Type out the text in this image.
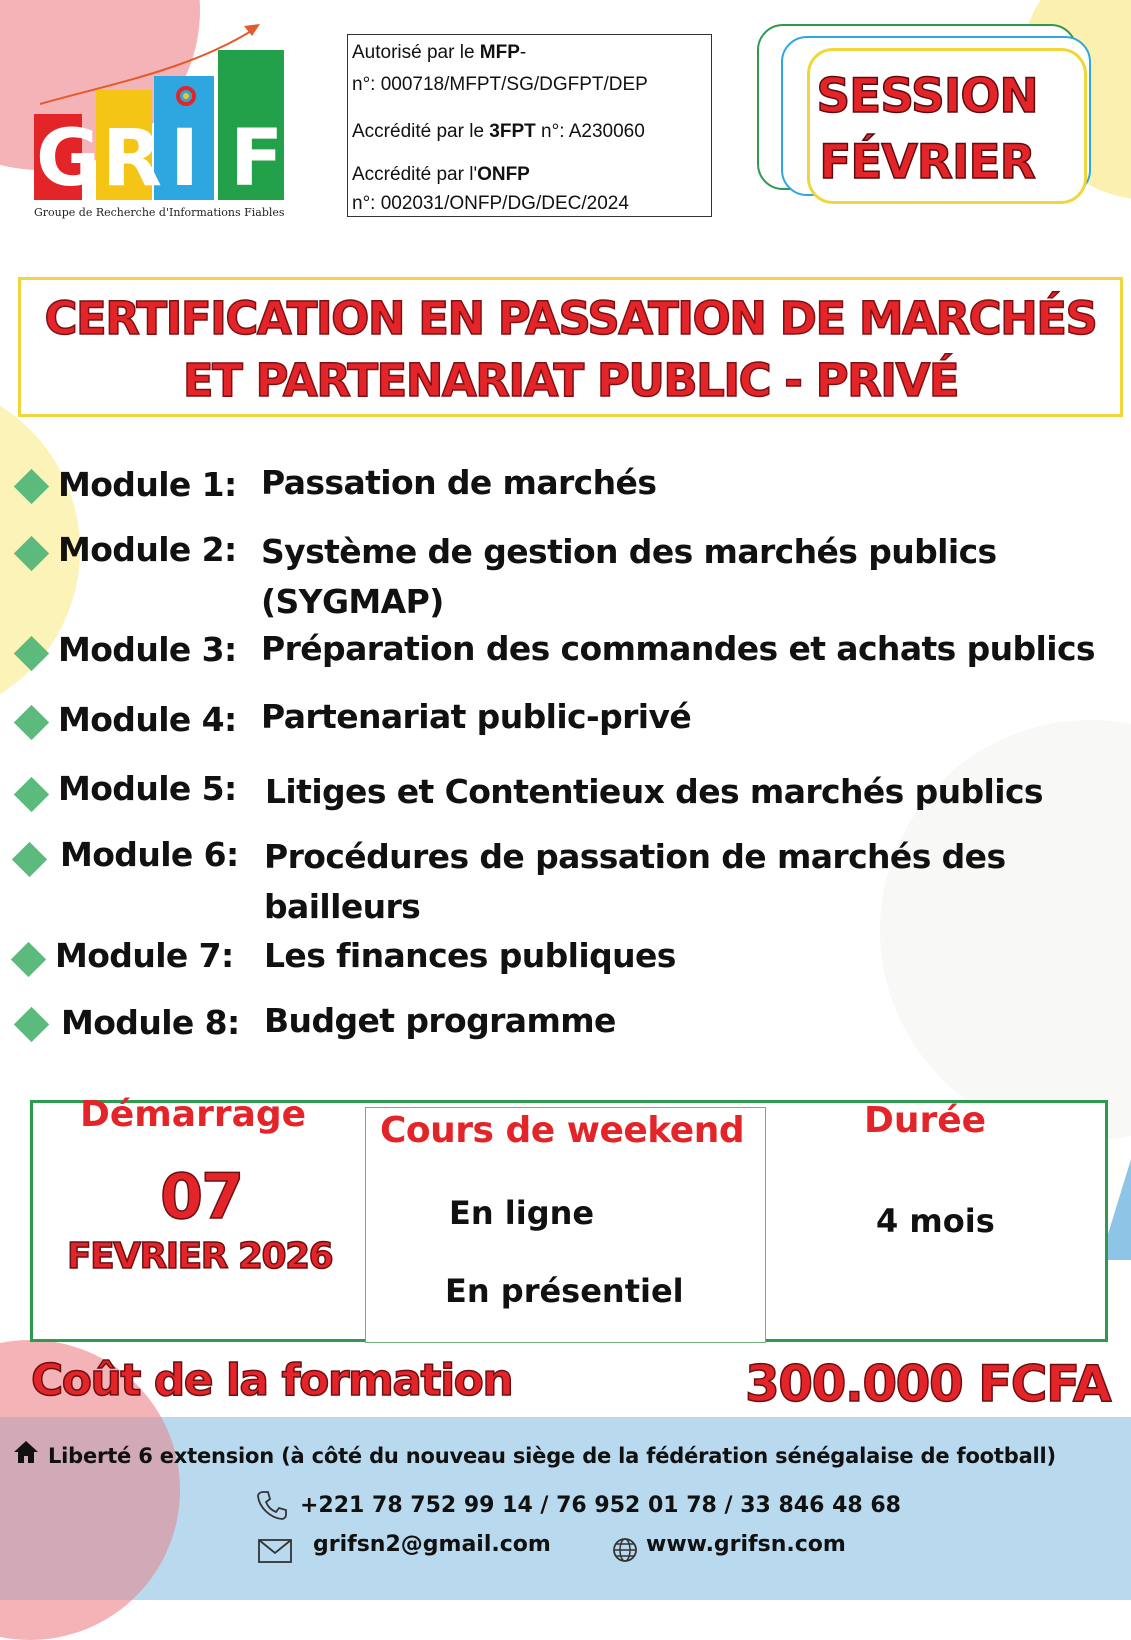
G R I F
Groupe de Recherche d'Informations Fiables

Autorisé par le MFP-

n°: 000718/MFPT/SG/DGFPT/DEP

Accrédité par le 3FPT n°: A230060

Accrédité par l'ONFP

n°: 002031/ONFP/DG/DEC/2024

SESSION
FÉVRIER
CERTIFICATION EN PASSATION DE MARCHÉS
ET PARTENARIAT PUBLIC - PRIVÉ
Module 1: Passation de marchés
Module 2: Système de gestion des marchés publics
(SYGMAP)
Module 3: Préparation des commandes et achats publics
Module 4: Partenariat public-privé
Module 5: Litiges et Contentieux des marchés publics
Module 6: Procédures de passation de marchés des
bailleurs
Module 7: Les finances publiques
Module 8: Budget programme
Démarrage
07
FEVRIER 2026
Cours de weekend
En ligne
En présentiel
Durée
4 mois
Coût de la formation	300.000 FCFA
Liberté 6 extension (à côté du nouveau siège de la fédération sénégalaise de football)
+221 78 752 99 14 / 76 952 01 78 / 33 846 48 68
grifsn2@gmail.com	www.grifsn.com
